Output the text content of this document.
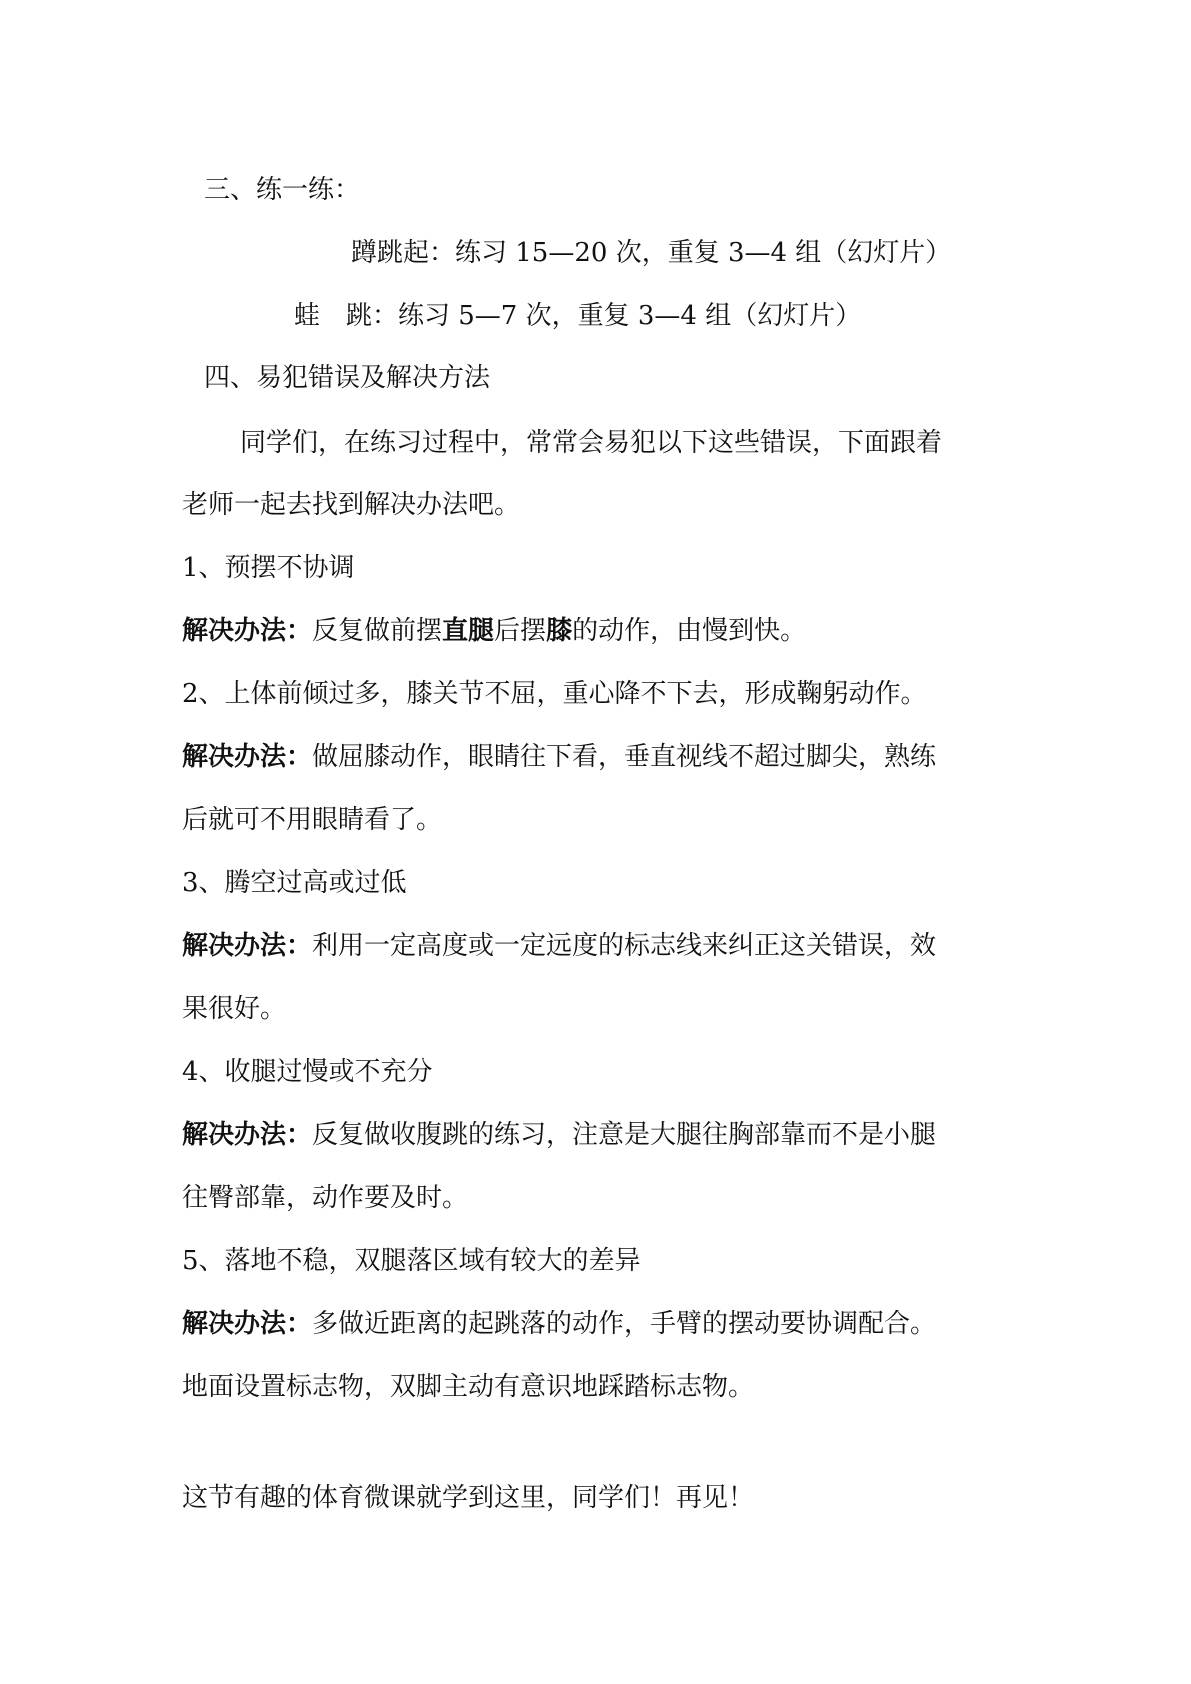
三、练一练：
蹲跳起：练习 15—20 次，重复 3—4 组（幻灯片）
蛙　跳：练习 5—7 次，重复 3—4 组（幻灯片）
四、易犯错误及解决方法
同学们，在练习过程中，常常会易犯以下这些错误，下面跟着
老师一起去找到解决办法吧。
1、预摆不协调
解决办法：反复做前摆直腿后摆膝的动作，由慢到快。
2、上体前倾过多，膝关节不屈，重心降不下去，形成鞠躬动作。
解决办法：做屈膝动作，眼睛往下看，垂直视线不超过脚尖，熟练
后就可不用眼睛看了。
3、腾空过高或过低
解决办法：利用一定高度或一定远度的标志线来纠正这关错误，效
果很好。
4、收腿过慢或不充分
解决办法：反复做收腹跳的练习，注意是大腿往胸部靠而不是小腿
往臀部靠，动作要及时。
5、落地不稳，双腿落区域有较大的差异
解决办法：多做近距离的起跳落的动作，手臂的摆动要协调配合。
地面设置标志物，双脚主动有意识地踩踏标志物。
这节有趣的体育微课就学到这里，同学们！再见！
